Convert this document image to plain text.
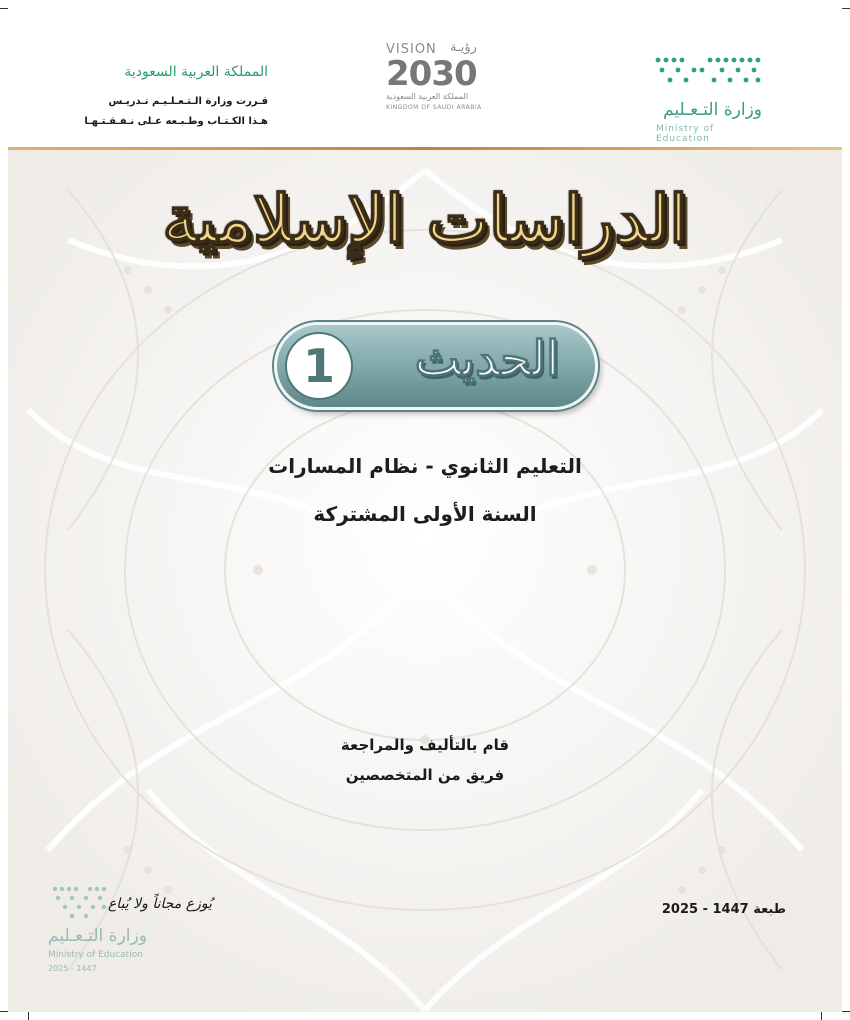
المملكة العربية السعودية
قـررت وزارة الـتـعـلـيـم تـدريـس
هـذا الكـتـاب وطـبـعه عـلى نـفـقـتـهـا
VISION رؤيـة
2030
المملكة العربية السعودية
KINGDOM OF SAUDI ARABIA	وزارة التـعـليم
Ministry of Education
الدراسات الإسلامية
1	الحديث
التعليم الثانوي - نظام المسارات
السنة الأولى المشتركة
قام بالتأليف والمراجعة
فريق من المتخصصين
طبعة 1447 - 2025
يُوزع مجاناً ولا يُباع
وزارة التـعـليم
Ministry of Education
2025 - 1447
